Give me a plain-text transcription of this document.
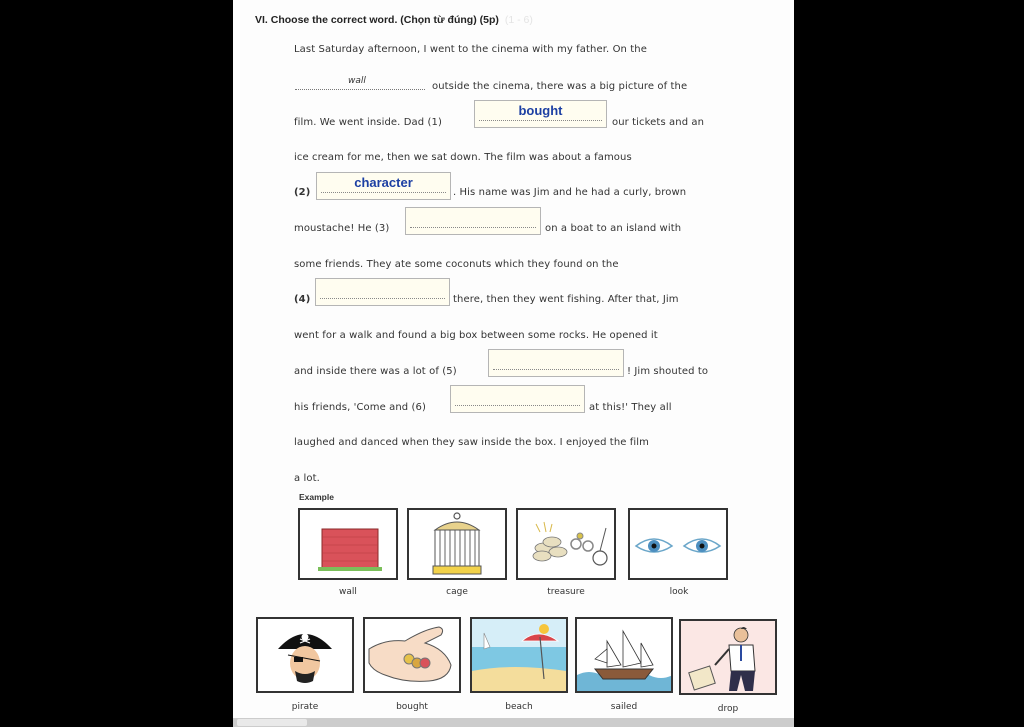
VI. Choose the correct word. (Chọn từ đúng) (5p) (1 - 6)
Last Saturday afternoon, I went to the cinema with my father. On the
wall	outside the cinema, there was a big picture of the
film. We went inside. Dad (1)
bought
our tickets and an
ice cream for me, then we sat down. The film was about a famous
(2)
character
. His name was Jim and he had a curly, brown
moustache! He (3)	on a boat to an island with
some friends. They ate some coconuts which they found on the
(4)	there, then they went fishing. After that, Jim
went for a walk and found a big box between some rocks. He opened it
and inside there was a lot of (5)	! Jim shouted to
his friends, 'Come and (6)	at this!' They all
laughed and danced when they saw inside the box. I enjoyed the film
a lot.
Example
wall	cage	treasure	look
pirate	bought	beach	sailed	drop
